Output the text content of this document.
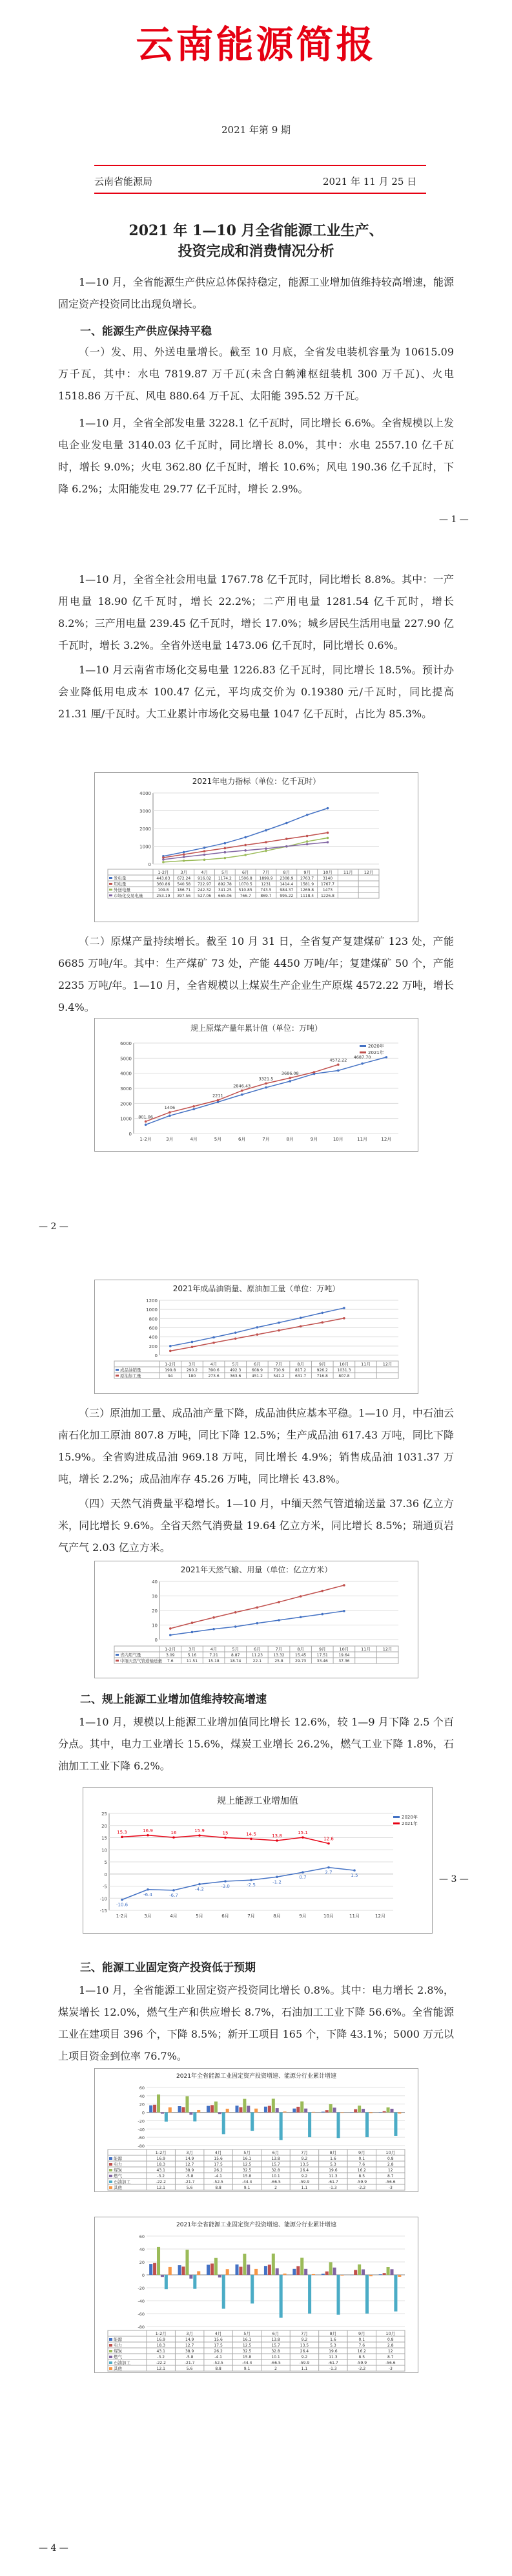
云南能源简报
2021 年第 9 期
云南省能源局	2021 年 11 月 25 日
2021 年 1—10 月全省能源工业生产、
投资完成和消费情况分析

1—10 月，全省能源生产供应总体保持稳定，能源工业增加值维持较高增速，能源固定资产投资同比出现负增长。

一、能源生产供应保持平稳

（一）发、用、外送电量增长。截至 10 月底，全省发电装机容量为 10615.09 万千瓦，其中：水电 7819.87 万千瓦(未含白鹤滩枢纽装机 300 万千瓦)、火电 1518.86 万千瓦、风电 880.64 万千瓦、太阳能 395.52 万千瓦。

1—10 月，全省全部发电量 3228.1 亿千瓦时，同比增长 6.6%。全省规模以上发电企业发电量 3140.03 亿千瓦时，同比增长 8.0%，其中：水电 2557.10 亿千瓦时，增长 9.0%；火电 362.80 亿千瓦时，增长 10.6%；风电 190.36 亿千瓦时，下降 6.2%；太阳能发电 29.77 亿千瓦时，增长 2.9%。

— 1 —

1—10 月，全省全社会用电量 1767.78 亿千瓦时，同比增长 8.8%。其中：一产用电量 18.90 亿千瓦时，增长 22.2%；二产用电量 1281.54 亿千瓦时，增长 8.2%；三产用电量 239.45 亿千瓦时，增长 17.0%；城乡居民生活用电量 227.90 亿千瓦时，增长 3.2%。全省外送电量 1473.06 亿千瓦时，同比增长 0.6%。

1—10 月云南省市场化交易电量 1226.83 亿千瓦时，同比增长 18.5%。预计办会业降低用电成本 100.47 亿元，平均成交价为 0.19380 元/千瓦时，同比提高 21.31 厘/千瓦时。大工业累计市场化交易电量 1047 亿千瓦时，占比为 85.3%。

2021年电力指标（单位：亿千瓦时）
0
1000
2000
3000
4000
1-2月	3月	4月	5月	6月	7月	8月	9月	10月	11月	12月
发电量	443.83 672.24 916.02 1174.2 1506.8 1899.9 2308.9 2763.7 3140
用电量	360.86 540.58 722.97 892.78 1070.5 1231 1414.4 1581.9 1767.7
外送电量	109.8 186.71 242.32 341.25 510.85 743.5 984.37 1269.8 1473
市场化交易电量	253.19 397.56 527.06 665.06 766.7 869.7 995.22 1118.4 1226.8

（二）原煤产量持续增长。截至 10 月 31 日，全省复产复建煤矿 123 处，产能 6685 万吨/年。其中：生产煤矿 73 处，产能 4450 万吨/年；复建煤矿 50 个，产能 2235 万吨/年。1—10 月，全省规模以上煤炭生产企业生产原煤 4572.22 万吨，增长 9.4%。

规上原煤产量年累计值（单位：万吨）
0
1000
2000
3000
4000
5000
6000	2020年
2021年
1-2月	3月	4月	5月	6月	7月	8月	9月	10月	11月	12月
801.06
1406
2211
2846.43
3321.5
3686.08
4572.22
4687.70
— 2 —
2021年成品油销量、原油加工量（单位：万吨）
0
200
400
600
800
1000
1200
1-2月	3月	4月	5月	6月	7月	8月	9月	10月	11月	12月
成品油销量	199.8	290.2	390.6	492.3	608.9	710.9	817.2	926.2 1031.3
原油加工量	94	180	273.6	363.6	451.2	541.2	631.7	716.8	807.8

（三）原油加工量、成品油产量下降，成品油供应基本平稳。1—10 月，中石油云南石化加工原油 807.8 万吨，同比下降 12.5%；生产成品油 617.43 万吨，同比下降 15.9%。全省购进成品油 969.18 万吨，同比增长 4.9%；销售成品油 1031.37 万吨，增长 2.2%；成品油库存 45.26 万吨，同比增长 43.8%。

（四）天然气消费量平稳增长。1—10 月，中缅天然气管道输送量 37.36 亿立方米，同比增长 9.6%。全省天然气消费量 19.64 亿立方米，同比增长 8.5%；瑞通页岩气产气 2.03 亿立方米。

2021年天然气输、用量（单位：亿立方米）
0
10
20
30
40
1-2月	3月	4月	5月	6月	7月	8月	9月	10月	11月	12月
省内用气量	3.09	5.16	7.21	8.87	11.23	13.32	15.45	17.51	19.64
中缅天然气管道输送量 7.6	11.51	15.18	18.74	22.1	25.8	29.73	33.46	37.36
二、规上能源工业增加值维持较高增速

1—10 月，规模以上能源工业增加值同比增长 12.6%，较 1—9 月下降 2.5 个百分点。其中，电力工业增长 15.6%，煤炭工业增长 26.2%，燃气工业下降 1.8%，石油加工工业下降 6.2%。

规上能源工业增加值
-15
-10
-5
0
5
10
15
20
25
2020年
2021年
1-2月	3月	4月	5月	6月	7月	8月	9月	10月	11月	12月
15.3	16.9	16	15.9	15	14.5	13.8
15.1
12.6
-10.6
-6.4	-6.7
-4.2
-3.0	-2.5
-1.2
0.7
2.7
1.5	— 3 —
三、能源工业固定资产投资低于预期

1—10 月，全省能源工业固定资产投资同比增长 0.8%。其中：电力增长 2.8%，煤炭增长 12.0%，燃气生产和供应增长 8.7%，石油加工工业下降 56.6%。全省能源工业在建项目 396 个，下降 8.5%；新开工项目 165 个，下降 43.1%；5000 万元以上项目资金到位率 76.7%。

2021年全省能源工业固定资产投资增速、能源分行业累计增速
-80
-60
-40
-20
0
20
40
60
1-2月	3月	4月	5月	6月	7月	8月	9月	10月
能源	16.9	14.9	15.6	16.1	13.8	9.2	1.6	0.1	0.8
电力	18.3	12.7	17.5	12.5	15.7	13.5	5.3	7.6	2.8
煤炭	43.1	38.9	26.2	32.5	32.8	26.4	19.6	16.2	12
燃气	-3.2	-5.8	-4.1	15.8	10.1	9.2	11.3	8.5	8.7
石油加工	-22.2	-21.7	-52.5	-44.4	-66.5	-59.9	-61.7	-59.9	-56.6
其他	12.1	5.6	8.8	9.1	2	1.1	-1.3	-2.2	-3
2021年全省能源工业固定资产投资增速、能源分行业累计增速
-80
-60
-40
-20
0
20
40
60
1-2月	3月	4月	5月	6月	7月	8月	9月	10月
能源	16.9	14.9	15.6	16.1	13.8	9.2	1.6	0.1	0.8
电力	18.3	12.7	17.5	12.5	15.7	13.5	5.3	7.6	2.8
煤炭	43.1	38.9	26.2	32.5	32.8	26.4	19.6	16.2	12
燃气	-3.2	-5.8	-4.1	15.8	10.1	9.2	11.3	8.5	8.7
石油加工	-22.2	-21.7	-52.5	-44.4	-66.5	-59.9	-61.7	-59.9	-56.6
其他	12.1	5.6	8.8	9.1	2	1.1	-1.3	-2.2	-3
— 4 —
